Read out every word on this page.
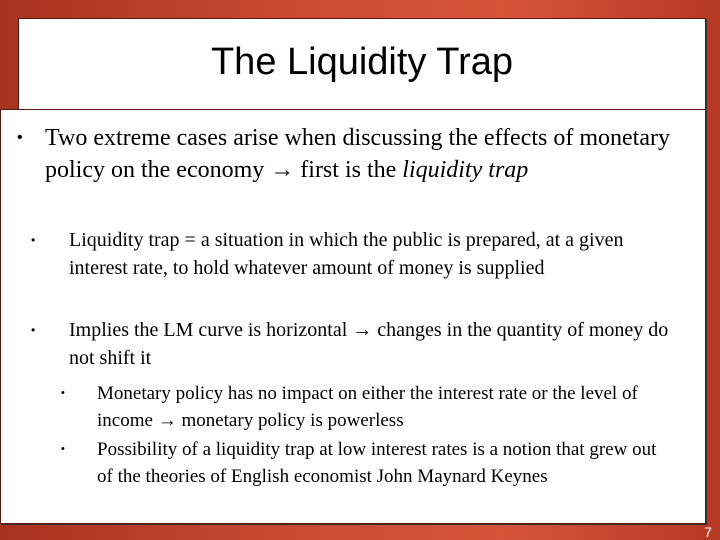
The Liquidity Trap
• Two extreme cases arise when discussing the effects of monetary policy on the economy → first is the liquidity trap
• Liquidity trap = a situation in which the public is prepared, at a given interest rate, to hold whatever amount of money is supplied
• Implies the LM curve is horizontal → changes in the quantity of money do not shift it
• Monetary policy has no impact on either the interest rate or the level of income → monetary policy is powerless
• Possibility of a liquidity trap at low interest rates is a notion that grew out of the theories of English economist John Maynard Keynes
7
